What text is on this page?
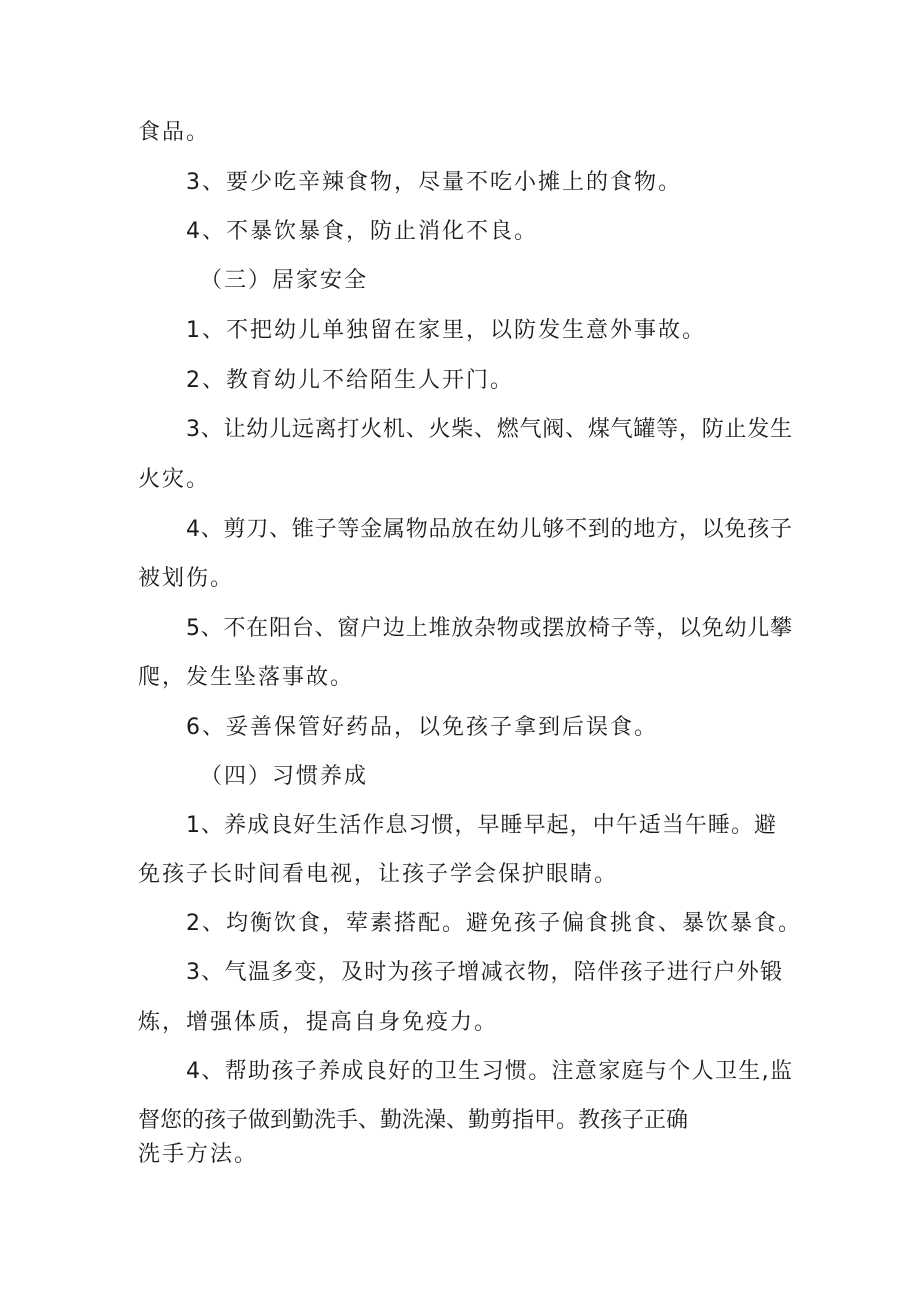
食品。
3、要少吃辛辣食物，尽量不吃小摊上的食物。
4、不暴饮暴食，防止消化不良。
（三）居家安全
1、不把幼儿单独留在家里，以防发生意外事故。
2、教育幼儿不给陌生人开门。
3、让幼儿远离打火机、火柴、燃气阀、煤气罐等，防止发生
火灾。
4、剪刀、锥子等金属物品放在幼儿够不到的地方，以免孩子
被划伤。
5、不在阳台、窗户边上堆放杂物或摆放椅子等，以免幼儿攀
爬，发生坠落事故。
6、妥善保管好药品，以免孩子拿到后误食。
（四）习惯养成
1、养成良好生活作息习惯，早睡早起，中午适当午睡。避
免孩子长时间看电视，让孩子学会保护眼睛。
2、均衡饮食，荤素搭配。避免孩子偏食挑食、暴饮暴食。
3、气温多变，及时为孩子增减衣物，陪伴孩子进行户外锻
炼，增强体质，提高自身免疫力。
4、帮助孩子养成良好的卫生习惯。注意家庭与个人卫生,监
督您的孩子做到勤洗手、勤洗澡、勤剪指甲。教孩子正确
洗手方法。
